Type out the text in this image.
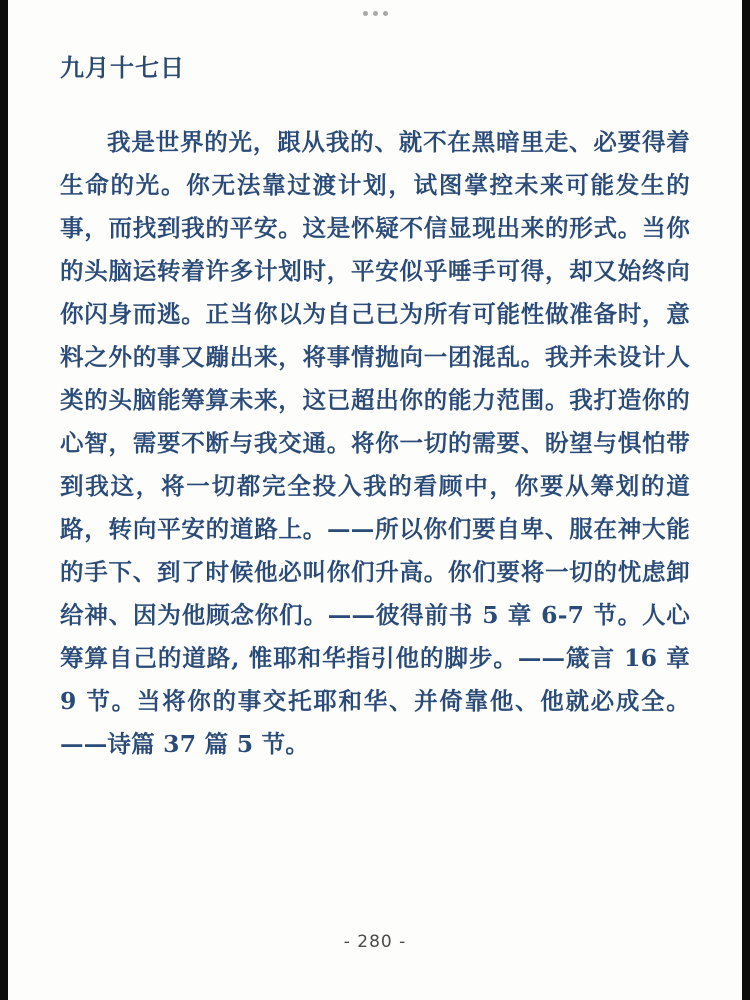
九月十七日
我是世界的光，跟从我的、就不在黑暗里走、必要得着生命的光。你无法靠过渡计划，试图掌控未来可能发生的事，而找到我的平安。这是怀疑不信显现出来的形式。当你的头脑运转着许多计划时，平安似乎唾手可得，却又始终向你闪身而逃。正当你以为自己已为所有可能性做准备时，意料之外的事又蹦出来，将事情抛向一团混乱。我并未设计人类的头脑能筹算未来，这已超出你的能力范围。我打造你的心智，需要不断与我交通。将你一切的需要、盼望与惧怕带到我这，将一切都完全投入我的看顾中，你要从筹划的道路，转向平安的道路上。——所以你们要自卑、服在神大能的手下、到了时候他必叫你们升高。你们要将一切的忧虑卸给神、因为他顾念你们。——彼得前书 5 章 6-7 节。人心筹算自己的道路, 惟耶和华指引他的脚步。——箴言 16 章 9 节。当将你的事交托耶和华、并倚靠他、他就必成全。——诗篇 37 篇 5 节。
- 280 -
